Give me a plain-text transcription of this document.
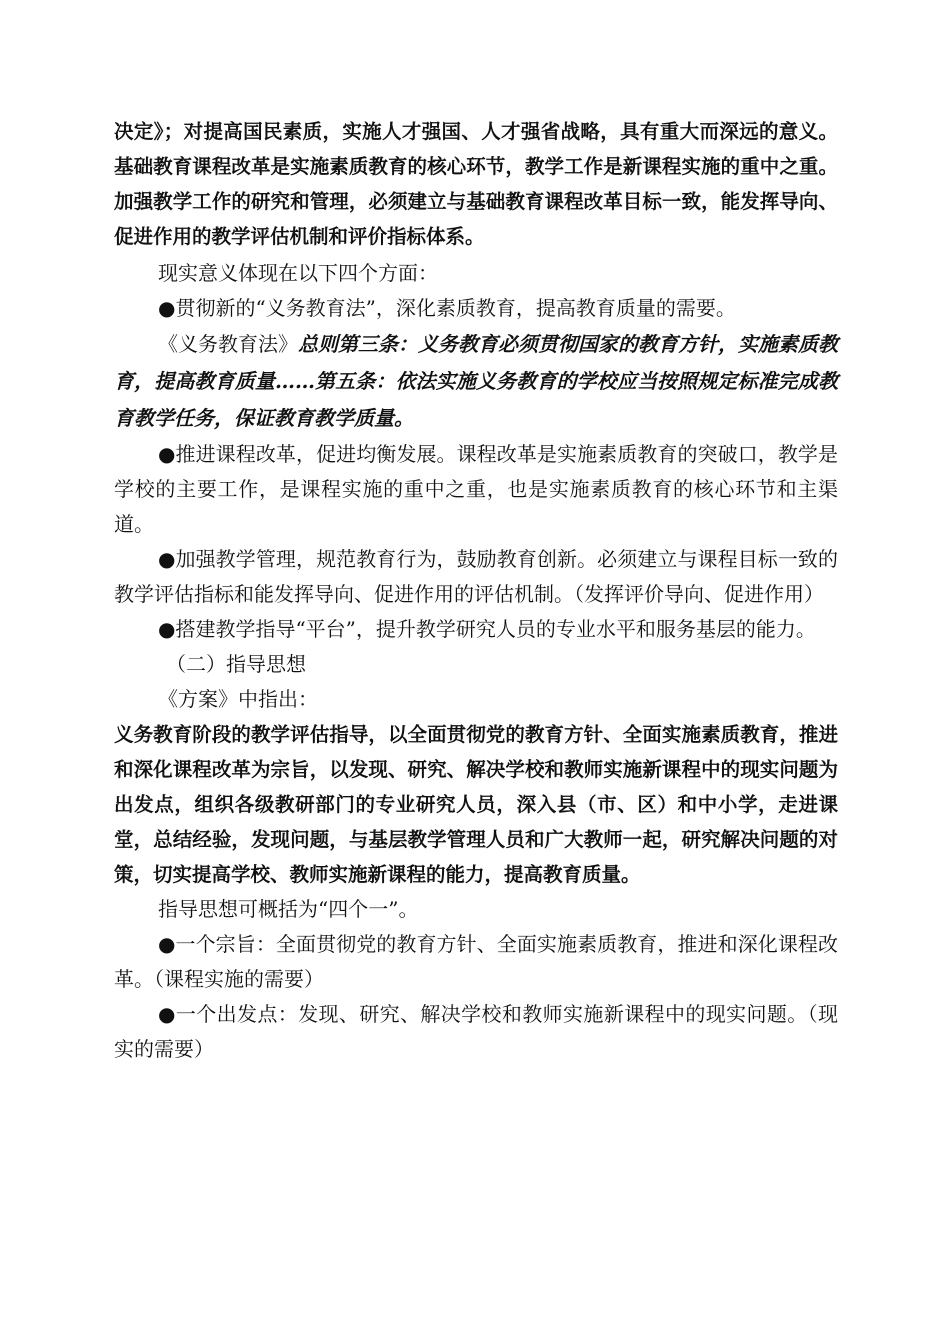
决定》；对提高国民素质，实施人才强国、人才强省战略，具有重大而深远的意义。基础教育课程改革是实施素质教育的核心环节，教学工作是新课程实施的重中之重。加强教学工作的研究和管理，必须建立与基础教育课程改革目标一致，能发挥导向、促进作用的教学评估机制和评价指标体系。

现实意义体现在以下四个方面：

●贯彻新的“义务教育法”，深化素质教育，提高教育质量的需要。

《义务教育法》总则第三条：义务教育必须贯彻国家的教育方针，实施素质教育，提高教育质量……第五条：依法实施义务教育的学校应当按照规定标准完成教育教学任务，保证教育教学质量。

●推进课程改革，促进均衡发展。课程改革是实施素质教育的突破口，教学是学校的主要工作，是课程实施的重中之重，也是实施素质教育的核心环节和主渠道。

●加强教学管理，规范教育行为，鼓励教育创新。必须建立与课程目标一致的教学评估指标和能发挥导向、促进作用的评估机制。（发挥评价导向、促进作用）

●搭建教学指导“平台”，提升教学研究人员的专业水平和服务基层的能力。

（二）指导思想

《方案》中指出：

义务教育阶段的教学评估指导，以全面贯彻党的教育方针、全面实施素质教育，推进和深化课程改革为宗旨，以发现、研究、解决学校和教师实施新课程中的现实问题为出发点，组织各级教研部门的专业研究人员，深入县（市、区）和中小学，走进课堂，总结经验，发现问题，与基层教学管理人员和广大教师一起，研究解决问题的对策，切实提高学校、教师实施新课程的能力，提高教育质量。

指导思想可概括为“四个一”。

●一个宗旨：全面贯彻党的教育方针、全面实施素质教育，推进和深化课程改革。（课程实施的需要）

●一个出发点：发现、研究、解决学校和教师实施新课程中的现实问题。（现实的需要）
